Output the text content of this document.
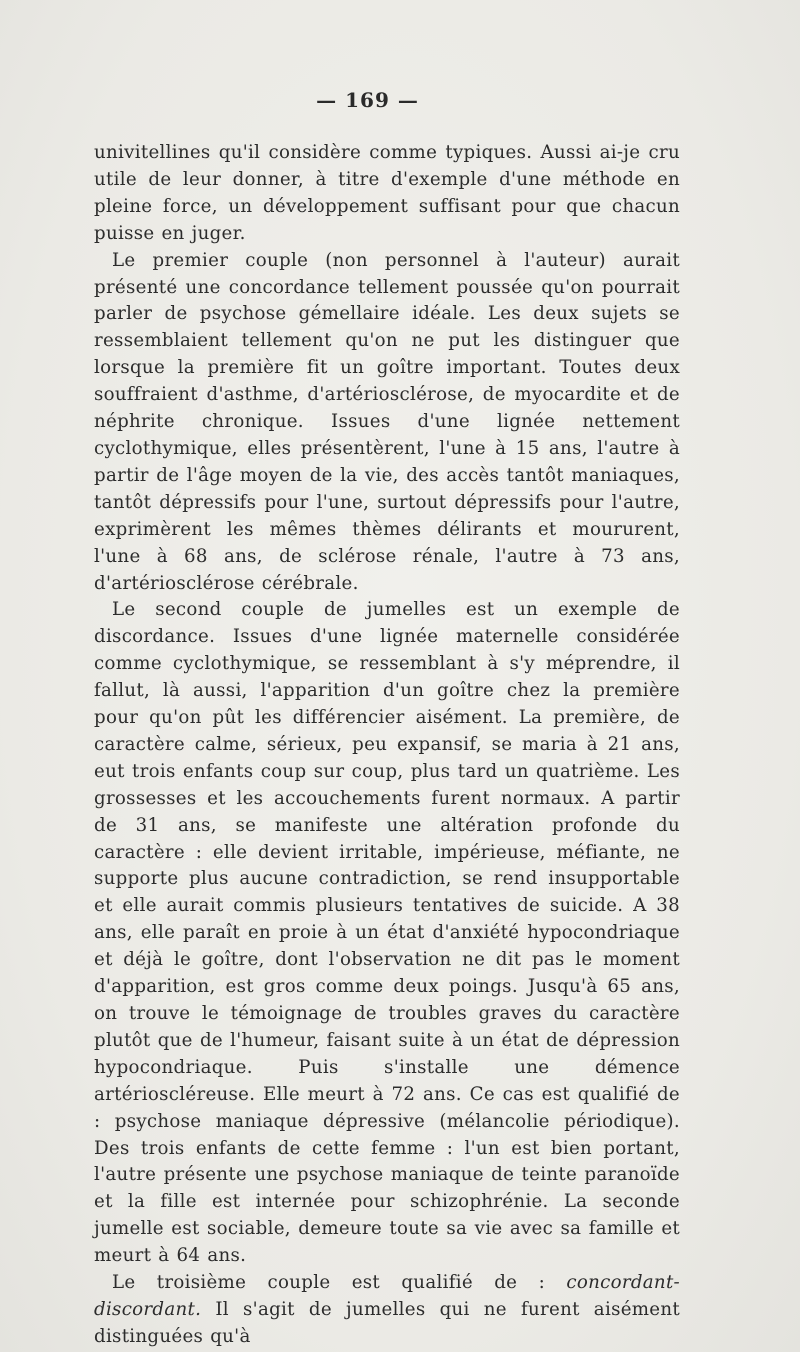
— 169 —

univitellines qu'il considère comme typiques. Aussi ai-je cru utile de leur donner, à titre d'exemple d'une méthode en pleine force, un développement suffisant pour que chacun puisse en juger.

Le premier couple (non personnel à l'auteur) aurait présenté une concordance tellement poussée qu'on pourrait parler de psychose gémellaire idéale. Les deux sujets se ressemblaient tellement qu'on ne put les distinguer que lorsque la première fit un goître important. Toutes deux souffraient d'asthme, d'artériosclérose, de myocardite et de néphrite chronique. Issues d'une lignée nettement cyclothymique, elles présentèrent, l'une à 15 ans, l'autre à partir de l'âge moyen de la vie, des accès tantôt maniaques, tantôt dépressifs pour l'une, surtout dépressifs pour l'autre, exprimèrent les mêmes thèmes délirants et moururent, l'une à 68 ans, de sclérose rénale, l'autre à 73 ans, d'artériosclérose cérébrale.

Le second couple de jumelles est un exemple de discordance. Issues d'une lignée maternelle considérée comme cyclothymique, se ressemblant à s'y méprendre, il fallut, là aussi, l'apparition d'un goître chez la première pour qu'on pût les différencier aisément. La première, de caractère calme, sérieux, peu expansif, se maria à 21 ans, eut trois enfants coup sur coup, plus tard un quatrième. Les grossesses et les accouchements furent normaux. A partir de 31 ans, se manifeste une altération profonde du caractère : elle devient irritable, impérieuse, méfiante, ne supporte plus aucune contradiction, se rend insupportable et elle aurait commis plusieurs tentatives de suicide. A 38 ans, elle paraît en proie à un état d'anxiété hypocondriaque et déjà le goître, dont l'observation ne dit pas le moment d'apparition, est gros comme deux poings. Jusqu'à 65 ans, on trouve le témoignage de troubles graves du caractère plutôt que de l'humeur, faisant suite à un état de dépression hypocondriaque. Puis s'installe une démence artérioscléreuse. Elle meurt à 72 ans. Ce cas est qualifié de : psychose maniaque dépressive (mélancolie périodique). Des trois enfants de cette femme : l'un est bien portant, l'autre présente une psychose maniaque de teinte paranoïde et la fille est internée pour schizophrénie. La seconde jumelle est sociable, demeure toute sa vie avec sa famille et meurt à 64 ans.

Le troisième couple est qualifié de : concordant-discordant. Il s'agit de jumelles qui ne furent aisément distinguées qu'à
